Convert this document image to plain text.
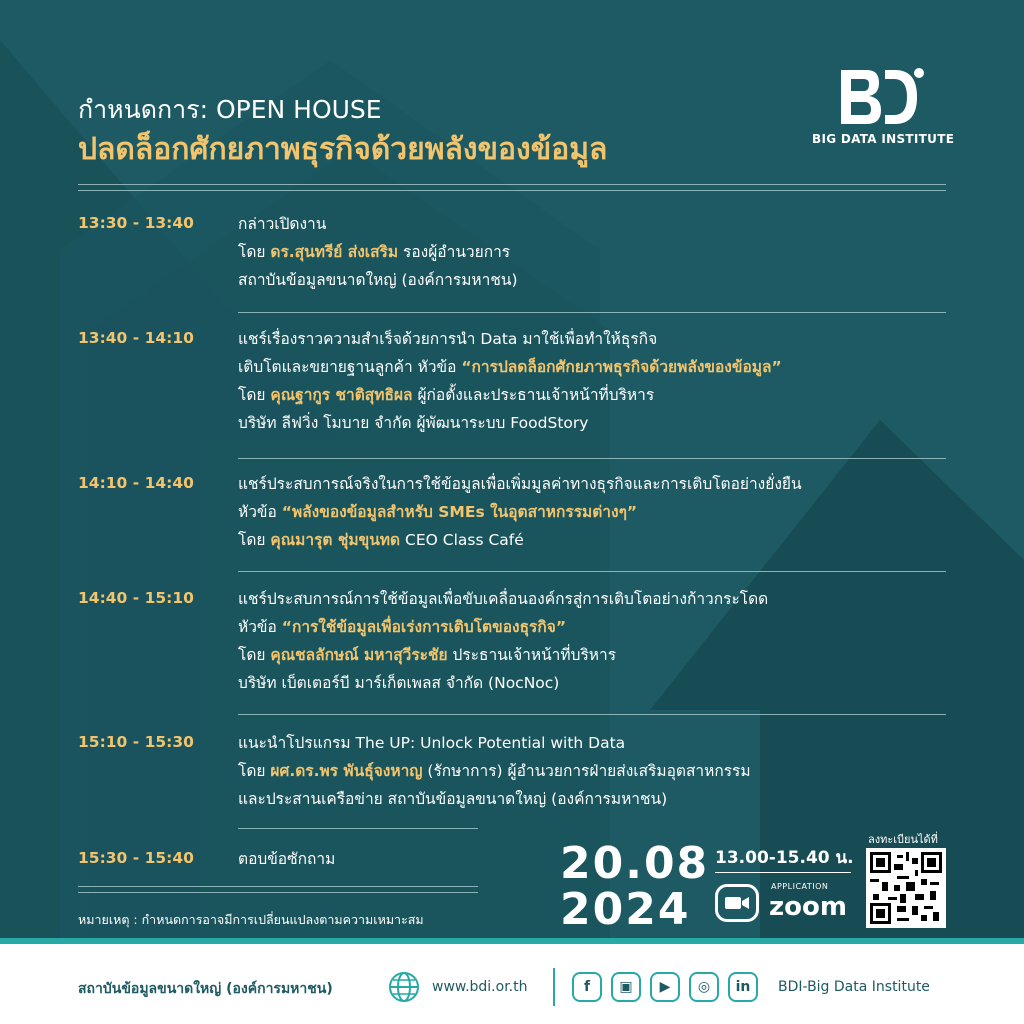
กำหนดการ: OPEN HOUSE
ปลดล็อกศักยภาพธุรกิจด้วยพลังของข้อมูล	BIG DATA INSTITUTE
13:30 - 13:40	กล่าวเปิดงาน
โดย ดร.สุนทรีย์ ส่งเสริม รองผู้อำนวยการ
สถาบันข้อมูลขนาดใหญ่ (องค์การมหาชน)
13:40 - 14:10	แชร์เรื่องราวความสำเร็จด้วยการนำ Data มาใช้เพื่อทำให้ธุรกิจ
เติบโตและขยายฐานลูกค้า หัวข้อ “การปลดล็อกศักยภาพธุรกิจด้วยพลังของข้อมูล”
โดย คุณฐากูร ชาติสุทธิผล ผู้ก่อตั้งและประธานเจ้าหน้าที่บริหาร
บริษัท ลีฟวิ่ง โมบาย จำกัด ผู้พัฒนาระบบ FoodStory
14:10 - 14:40	แชร์ประสบการณ์จริงในการใช้ข้อมูลเพื่อเพิ่มมูลค่าทางธุรกิจและการเติบโตอย่างยั่งยืน
หัวข้อ “พลังของข้อมูลสำหรับ SMEs ในอุตสาหกรรมต่างๆ”
โดย คุณมารุต ชุ่มขุนทด CEO Class Café
14:40 - 15:10	แชร์ประสบการณ์การใช้ข้อมูลเพื่อขับเคลื่อนองค์กรสู่การเติบโตอย่างก้าวกระโดด
หัวข้อ “การใช้ข้อมูลเพื่อเร่งการเติบโตของธุรกิจ”
โดย คุณชลลักษณ์ มหาสุวีระชัย ประธานเจ้าหน้าที่บริหาร
บริษัท เบ็ตเตอร์บี มาร์เก็ตเพลส จำกัด (NocNoc)
15:10 - 15:30	แนะนำโปรแกรม The UP: Unlock Potential with Data
โดย ผศ.ดร.พร พันธุ์จงหาญ (รักษาการ) ผู้อำนวยการฝ่ายส่งเสริมอุตสาหกรรม
และประสานเครือข่าย สถาบันข้อมูลขนาดใหญ่ (องค์การมหาชน)
15:30 - 15:40	ตอบข้อซักถาม
หมายเหตุ : กำหนดการอาจมีการเปลี่ยนแปลงตามความเหมาะสม
20.08
2024
13.00-15.40 น.
APPLICATION
zoom
ลงทะเบียนได้ที่
สถาบันข้อมูลขนาดใหญ่ (องค์การมหาชน)	www.bdi.or.th	f	▣	▶	◎	in	BDI-Big Data Institute
